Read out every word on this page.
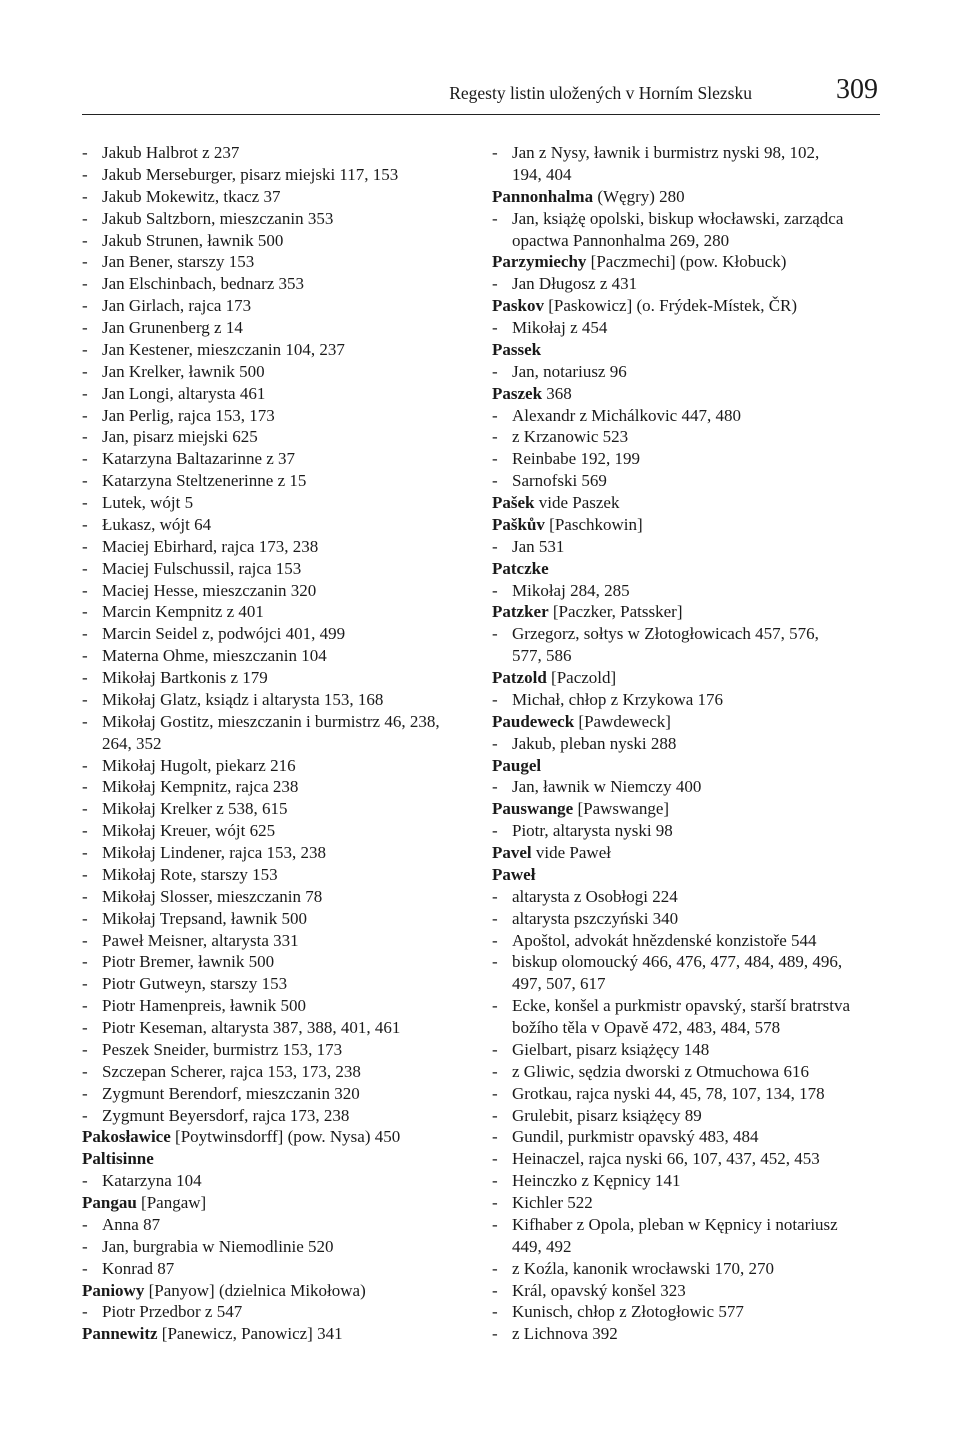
Regesty listin uložených v Horním Slezsku	309
- Jakub Halbrot z 237
- Jakub Merseburger, pisarz miejski 117, 153
- Jakub Mokewitz, tkacz 37
- Jakub Saltzborn, mieszczanin 353
- Jakub Strunen, ławnik 500
- Jan Bener, starszy 153
- Jan Elschinbach, bednarz 353
- Jan Girlach, rajca 173
- Jan Grunenberg z 14
- Jan Kestener, mieszczanin 104, 237
- Jan Krelker, ławnik 500
- Jan Longi, altarysta 461
- Jan Perlig, rajca 153, 173
- Jan, pisarz miejski 625
- Katarzyna Baltazarinne z 37
- Katarzyna Steltzenerinne z 15
- Lutek, wójt 5
- Łukasz, wójt 64
- Maciej Ebirhard, rajca 173, 238
- Maciej Fulschussil, rajca 153
- Maciej Hesse, mieszczanin 320
- Marcin Kempnitz z 401
- Marcin Seidel z, podwójci 401, 499
- Materna Ohme, mieszczanin 104
- Mikołaj Bartkonis z 179
- Mikołaj Glatz, ksiądz i altarysta 153, 168
- Mikołaj Gostitz, mieszczanin i burmistrz 46, 238,
264, 352
- Mikołaj Hugolt, piekarz 216
- Mikołaj Kempnitz, rajca 238
- Mikołaj Krelker z 538, 615
- Mikołaj Kreuer, wójt 625
- Mikołaj Lindener, rajca 153, 238
- Mikołaj Rote, starszy 153
- Mikołaj Slosser, mieszczanin 78
- Mikołaj Trepsand, ławnik 500
- Paweł Meisner, altarysta 331
- Piotr Bremer, ławnik 500
- Piotr Gutweyn, starszy 153
- Piotr Hamenpreis, ławnik 500
- Piotr Keseman, altarysta 387, 388, 401, 461
- Peszek Sneider, burmistrz 153, 173
- Szczepan Scherer, rajca 153, 173, 238
- Zygmunt Berendorf, mieszczanin 320
- Zygmunt Beyersdorf, rajca 173, 238
Pakosławice [Poytwinsdorff] (pow. Nysa) 450
Paltisinne
- Katarzyna 104
Pangau [Pangaw]
- Anna 87
- Jan, burgrabia w Niemodlinie 520
- Konrad 87
Paniowy [Panyow] (dzielnica Mikołowa)
- Piotr Przedbor z 547
Pannewitz [Panewicz, Panowicz] 341
- Jan z Nysy, ławnik i burmistrz nyski 98, 102,
194, 404
Pannonhalma (Węgry) 280
- Jan, książę opolski, biskup włocławski, zarządca
opactwa Pannonhalma 269, 280
Parzymiechy [Paczmechi] (pow. Kłobuck)
- Jan Długosz z 431
Paskov [Paskowicz] (o. Frýdek-Místek, ČR)
- Mikołaj z 454
Passek
- Jan, notariusz 96
Paszek 368
- Alexandr z Michálkovic 447, 480
- z Krzanowic 523
- Reinbabe 192, 199
- Sarnofski 569
Pašek vide Paszek
Paškův [Paschkowin]
- Jan 531
Patczke
- Mikołaj 284, 285
Patzker [Paczker, Patssker]
- Grzegorz, sołtys w Złotogłowicach 457, 576,
577, 586
Patzold [Paczold]
- Michał, chłop z Krzykowa 176
Paudeweck [Pawdeweck]
- Jakub, pleban nyski 288
Paugel
- Jan, ławnik w Niemczy 400
Pauswange [Pawswange]
- Piotr, altarysta nyski 98
Pavel vide Paweł
Paweł
- altarysta z Osobłogi 224
- altarysta pszczyński 340
- Apoštol, advokát hnězdenské konzistoře 544
- biskup olomoucký 466, 476, 477, 484, 489, 496,
497, 507, 617
- Ecke, konšel a purkmistr opavský, starší bratrstva
božího těla v Opavě 472, 483, 484, 578
- Gielbart, pisarz książęcy 148
- z Gliwic, sędzia dworski z Otmuchowa 616
- Grotkau, rajca nyski 44, 45, 78, 107, 134, 178
- Grulebit, pisarz książęcy 89
- Gundil, purkmistr opavský 483, 484
- Heinaczel, rajca nyski 66, 107, 437, 452, 453
- Heinczko z Kępnicy 141
- Kichler 522
- Kifhaber z Opola, pleban w Kępnicy i notariusz
449, 492
- z Koźla, kanonik wrocławski 170, 270
- Král, opavský konšel 323
- Kunisch, chłop z Złotogłowic 577
- z Lichnova 392
